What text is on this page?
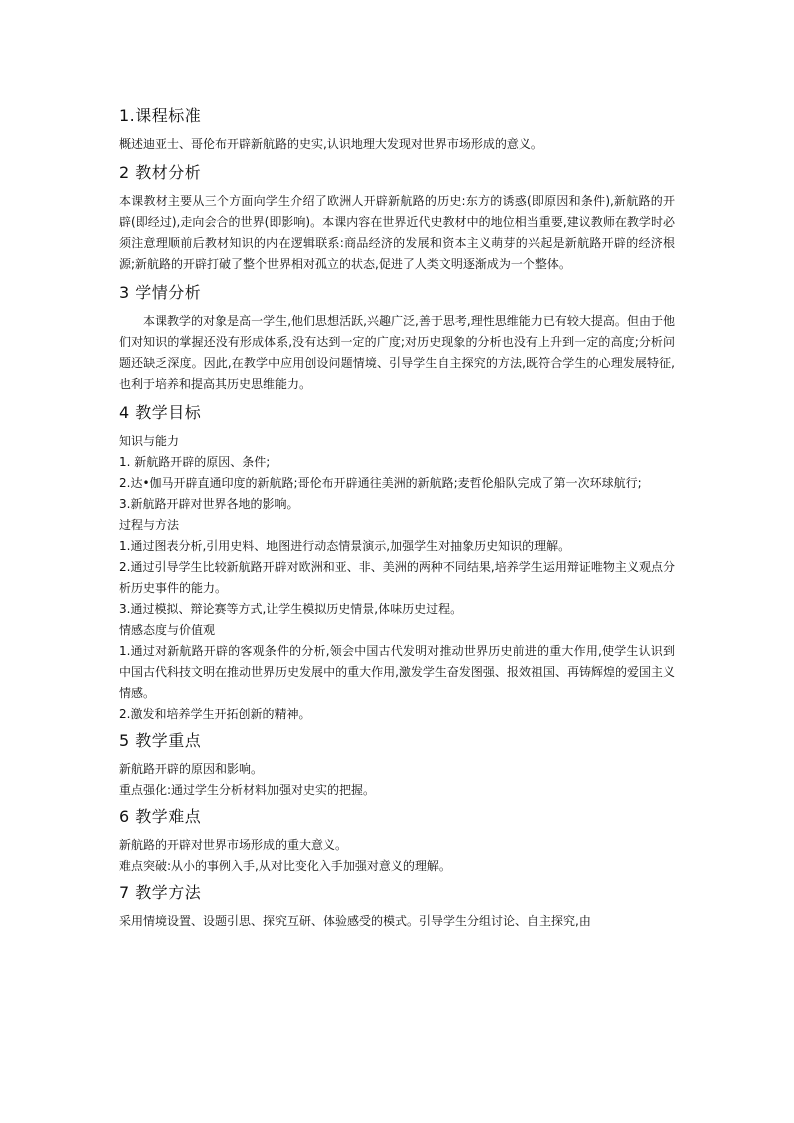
1.课程标准

概述迪亚士、哥伦布开辟新航路的史实,认识地理大发现对世界市场形成的意义。

2 教材分析

本课教材主要从三个方面向学生介绍了欧洲人开辟新航路的历史:东方的诱惑(即原因和条件),新航路的开辟(即经过),走向会合的世界(即影响)。本课内容在世界近代史教材中的地位相当重要,建议教师在教学时必须注意理顺前后教材知识的内在逻辑联系:商品经济的发展和资本主义萌芽的兴起是新航路开辟的经济根源;新航路的开辟打破了整个世界相对孤立的状态,促进了人类文明逐渐成为一个整体。

3 学情分析

本课教学的对象是高一学生,他们思想活跃,兴趣广泛,善于思考,理性思维能力已有较大提高。但由于他们对知识的掌握还没有形成体系,没有达到一定的广度;对历史现象的分析也没有上升到一定的高度;分析问题还缺乏深度。因此,在教学中应用创设问题情境、引导学生自主探究的方法,既符合学生的心理发展特征,也利于培养和提高其历史思维能力。

4 教学目标

知识与能力

1. 新航路开辟的原因、条件;

2.达•伽马开辟直通印度的新航路;哥伦布开辟通往美洲的新航路;麦哲伦船队完成了第一次环球航行;

3.新航路开辟对世界各地的影响。

过程与方法

1.通过图表分析,引用史料、地图进行动态情景演示,加强学生对抽象历史知识的理解。

2.通过引导学生比较新航路开辟对欧洲和亚、非、美洲的两种不同结果,培养学生运用辩证唯物主义观点分析历史事件的能力。

3.通过模拟、辩论赛等方式,让学生模拟历史情景,体味历史过程。

情感态度与价值观

1.通过对新航路开辟的客观条件的分析,领会中国古代发明对推动世界历史前进的重大作用,使学生认识到中国古代科技文明在推动世界历史发展中的重大作用,激发学生奋发图强、报效祖国、再铸辉煌的爱国主义情感。

2.激发和培养学生开拓创新的精神。

5 教学重点

新航路开辟的原因和影响。

重点强化:通过学生分析材料加强对史实的把握。

6 教学难点

新航路的开辟对世界市场形成的重大意义。

难点突破:从小的事例入手,从对比变化入手加强对意义的理解。

7 教学方法

采用情境设置、设题引思、探究互研、体验感受的模式。引导学生分组讨论、自主探究,由
